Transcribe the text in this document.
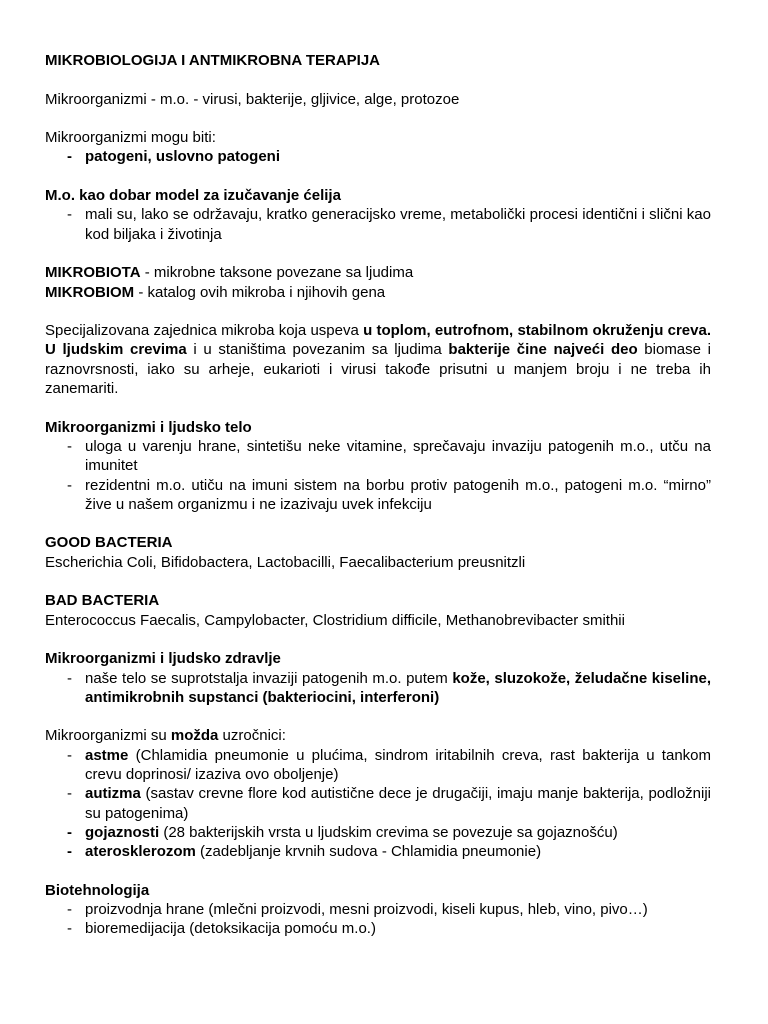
MIKROBIOLOGIJA I ANTMIKROBNA TERAPIJA

Mikroorganizmi - m.o. - virusi, bakterije, gljivice, alge, protozoe

Mikroorganizmi mogu biti:

- patogeni, uslovno patogeni

M.o. kao dobar model za izučavanje ćelija

- mali su, lako se održavaju, kratko generacijsko vreme, metabolički procesi identični i slični kao kod biljaka i životinja

MIKROBIOTA - mikrobne taksone povezane sa ljudima

MIKROBIOM - katalog ovih mikroba i njihovih gena

Specijalizovana zajednica mikroba koja uspeva u toplom, eutrofnom, stabilnom okruženju creva. U ljudskim crevima i u staništima povezanim sa ljudima bakterije čine najveći deo biomase i raznovrsnosti, iako su arheje, eukarioti i virusi takođe prisutni u manjem broju i ne treba ih zanemariti.

Mikroorganizmi i ljudsko telo

- uloga u varenju hrane, sintetišu neke vitamine, sprečavaju invaziju patogenih m.o., utču na imunitet
- rezidentni m.o. utiču na imuni sistem na borbu protiv patogenih m.o., patogeni m.o. “mirno” žive u našem organizmu i ne izazivaju uvek infekciju

GOOD BACTERIA

Escherichia Coli, Bifidobactera, Lactobacilli, Faecalibacterium preusnitzli

BAD BACTERIA

Enterococcus Faecalis, Campylobacter, Clostridium difficile, Methanobrevibacter smithii

Mikroorganizmi i ljudsko zdravlje

- naše telo se suprotstalja invaziji patogenih m.o. putem kože, sluzokože, želudačne kiseline, antimikrobnih supstanci (bakteriocini, interferoni)

Mikroorganizmi su možda uzročnici:

- astme (Chlamidia pneumonie u plućima, sindrom iritabilnih creva, rast bakterija u tankom crevu doprinosi/ izaziva ovo oboljenje)
- autizma (sastav crevne flore kod autistične dece je drugačiji, imaju manje bakterija, podložniji su patogenima)
- gojaznosti (28 bakterijskih vrsta u ljudskim crevima se povezuje sa gojaznošću)
- aterosklerozom (zadebljanje krvnih sudova - Chlamidia pneumonie)

Biotehnologija

- proizvodnja hrane (mlečni proizvodi, mesni proizvodi, kiseli kupus, hleb, vino, pivo…)
- bioremedijacija (detoksikacija pomoću m.o.)
